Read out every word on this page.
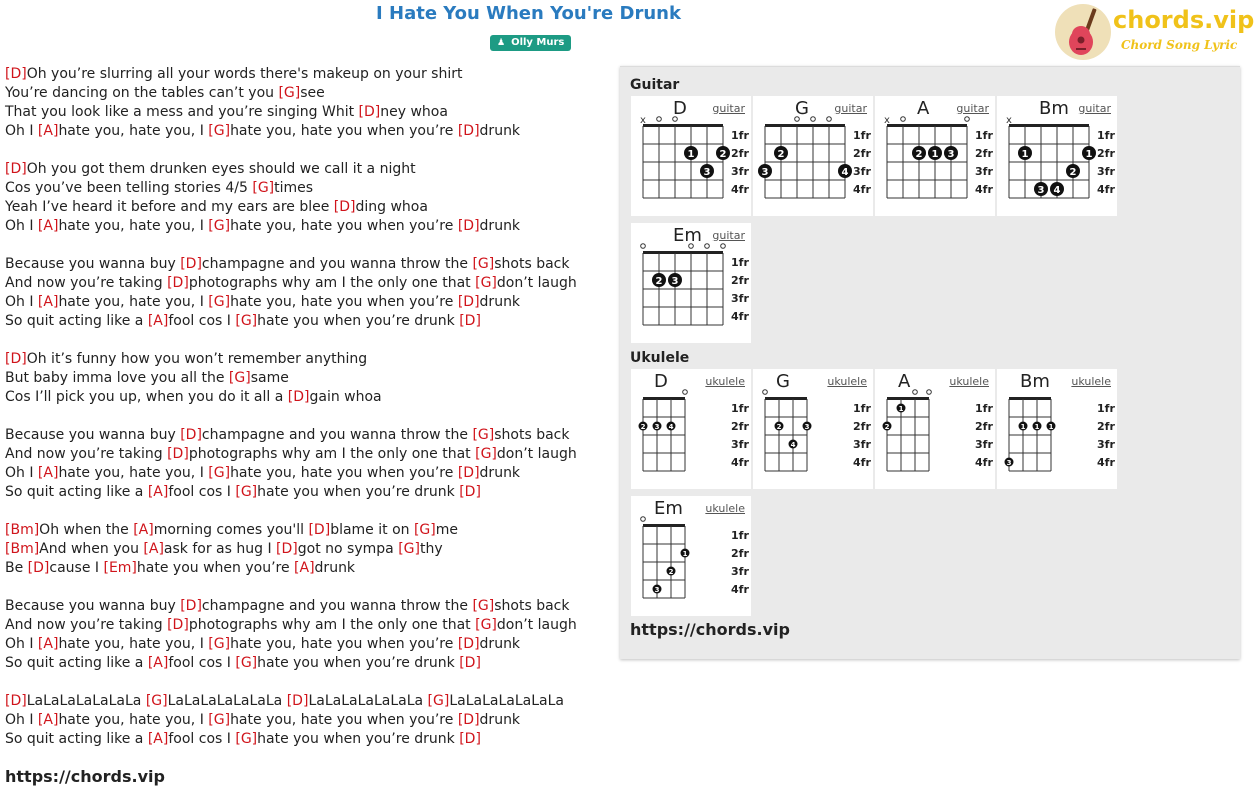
I Hate You When You're Drunk
♟ Olly Murs
chords.vip
Chord Song Lyric
[D]Oh you’re slurring all your words there's makeup on your shirt
You’re dancing on the tables can’t you [G]see
That you look like a mess and you’re singing Whit [D]ney whoa
Oh I [A]hate you, hate you, I [G]hate you, hate you when you’re [D]drunk
[D]Oh you got them drunken eyes should we call it a night
Cos you’ve been telling stories 4/5 [G]times
Yeah I’ve heard it before and my ears are blee [D]ding whoa
Oh I [A]hate you, hate you, I [G]hate you, hate you when you’re [D]drunk
Because you wanna buy [D]champagne and you wanna throw the [G]shots back
And now you’re taking [D]photographs why am I the only one that [G]don’t laugh
Oh I [A]hate you, hate you, I [G]hate you, hate you when you’re [D]drunk
So quit acting like a [A]fool cos I [G]hate you when you’re drunk [D]
[D]Oh it’s funny how you won’t remember anything
But baby imma love you all the [G]same
Cos I’ll pick you up, when you do it all a [D]gain whoa
Because you wanna buy [D]champagne and you wanna throw the [G]shots back
And now you’re taking [D]photographs why am I the only one that [G]don’t laugh
Oh I [A]hate you, hate you, I [G]hate you, hate you when you’re [D]drunk
So quit acting like a [A]fool cos I [G]hate you when you’re drunk [D]
[Bm]Oh when the [A]morning comes you'll [D]blame it on [G]me
[Bm]And when you [A]ask for as hug I [D]got no sympa [G]thy
Be [D]cause I [Em]hate you when you’re [A]drunk
Because you wanna buy [D]champagne and you wanna throw the [G]shots back
And now you’re taking [D]photographs why am I the only one that [G]don’t laugh
Oh I [A]hate you, hate you, I [G]hate you, hate you when you’re [D]drunk
So quit acting like a [A]fool cos I [G]hate you when you’re drunk [D]
[D]LaLaLaLaLaLaLa [G]LaLaLaLaLaLaLa [D]LaLaLaLaLaLaLa [G]LaLaLaLaLaLaLa
Oh I [A]hate you, hate you, I [G]hate you, hate you when you’re [D]drunk
So quit acting like a [A]fool cos I [G]hate you when you’re drunk [D]
https://chords.vip
Guitar
D guitar
x
1fr
2fr
3fr
4fr
1	2
3
G guitar
1fr
2fr
3fr
4fr
3
2
4
A guitar
x
1fr
2fr
3fr
4fr
2 1 3
Bm guitar
x
1fr
2fr
3fr
4fr
1
3 4
2
1
Em guitar
1fr
2fr
3fr
4fr
2 3
Ukulele
D	ukulele
1fr
2fr
3fr
4fr
2 3 4
G	ukulele
1fr
2fr
3fr
4fr
2
4
3
A	ukulele
1fr
2fr
3fr
4fr
2
1
Bm ukulele
1fr
2fr
3fr
4fr
3
1 1 1
Em ukulele
1fr
2fr
3fr
4fr
3
2
1
https://chords.vip
